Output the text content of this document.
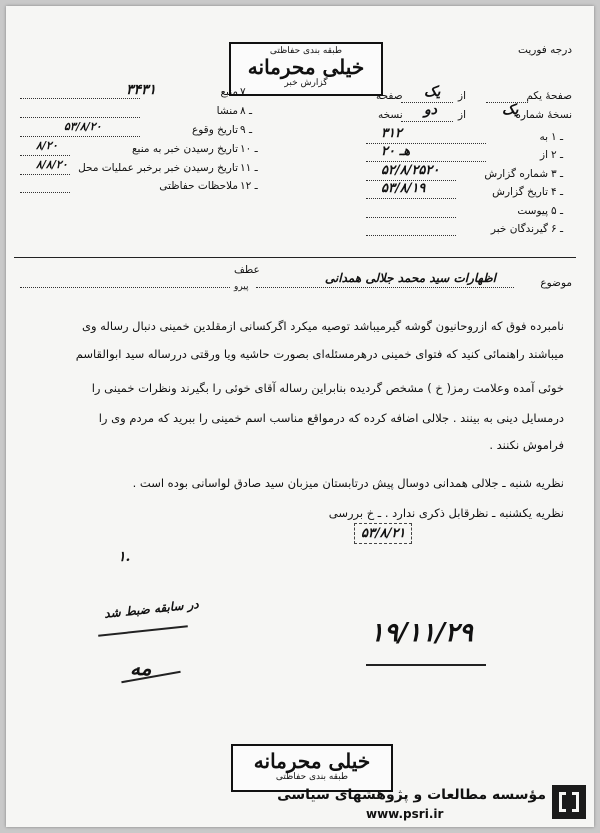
طبقه بندی حفاظتی
خیلی محرمانه
گزارش خبر
درجه فوریت
صفحهٔ یکم
از
یک
صفحه
نسخهٔ شماره
یک
از
دو
نسخه
۱ ـ
به
۳۱۲
۲ ـ
از
۲۰ هـ
۳ ـ
شماره گزارش
۵۲/۸/۲۵۲۰
۴ ـ
تاریخ گزارش
۵۳/۸/۱۹
۵ ـ
پیوست
۶ ـ
گیرندگان خبر
۷ ـ
منبع
۳۴۳۱
۸ ـ
منشا
۹ ـ
تاریخ وقوع
۵۳/۸/۲۰
۱۰ ـ
تاریخ رسیدن خبر به منبع
۸/۲۰
۱۱ ـ
تاریخ رسیدن خبر برخبر عملیات محل
۸/۸/۲۰
۱۲ ـ
ملاحظات حفاظتی
موضوع
اظهارات سید محمد جلالی همدانی
عطف
پیرو
نامبرده فوق که ازروحانیون گوشه گیرمیباشد توصیه میکرد اگرکسانی ازمقلدین خمینی دنبال رساله وی
میباشند راهنمائی کنید که فتوای خمینی درهرمسئله‌ای بصورت حاشیه ویا ورقتی دررساله سید ابوالقاسم
خوئی آمده وعلامت رمز( خ ) مشخص گردیده بنابراین رساله آقای خوئی را بگیرند ونظرات خمینی را
درمسایل دینی به بینند . جلالی اضافه کرده که درمواقع مناسب اسم خمینی را ببرید که مردم وی را
فراموش نکنند .
نظریه شنبه ـ جلالی همدانی دوسال پیش درتابستان میزبان سید صادق لواسانی بوده است .
نظریه یکشنبه ـ نظرقابل ذکری ندارد . ـ خ بررسی
۵۳/۸/۲۱
۱.
در سابقه ضبط شد
۱۹/۱۱/۲۹
مه
خیلی محرمانه
طبقه بندی حفاظتی
مؤسسه مطالعات و پژوهشهای سیاسی
www.psri.ir
